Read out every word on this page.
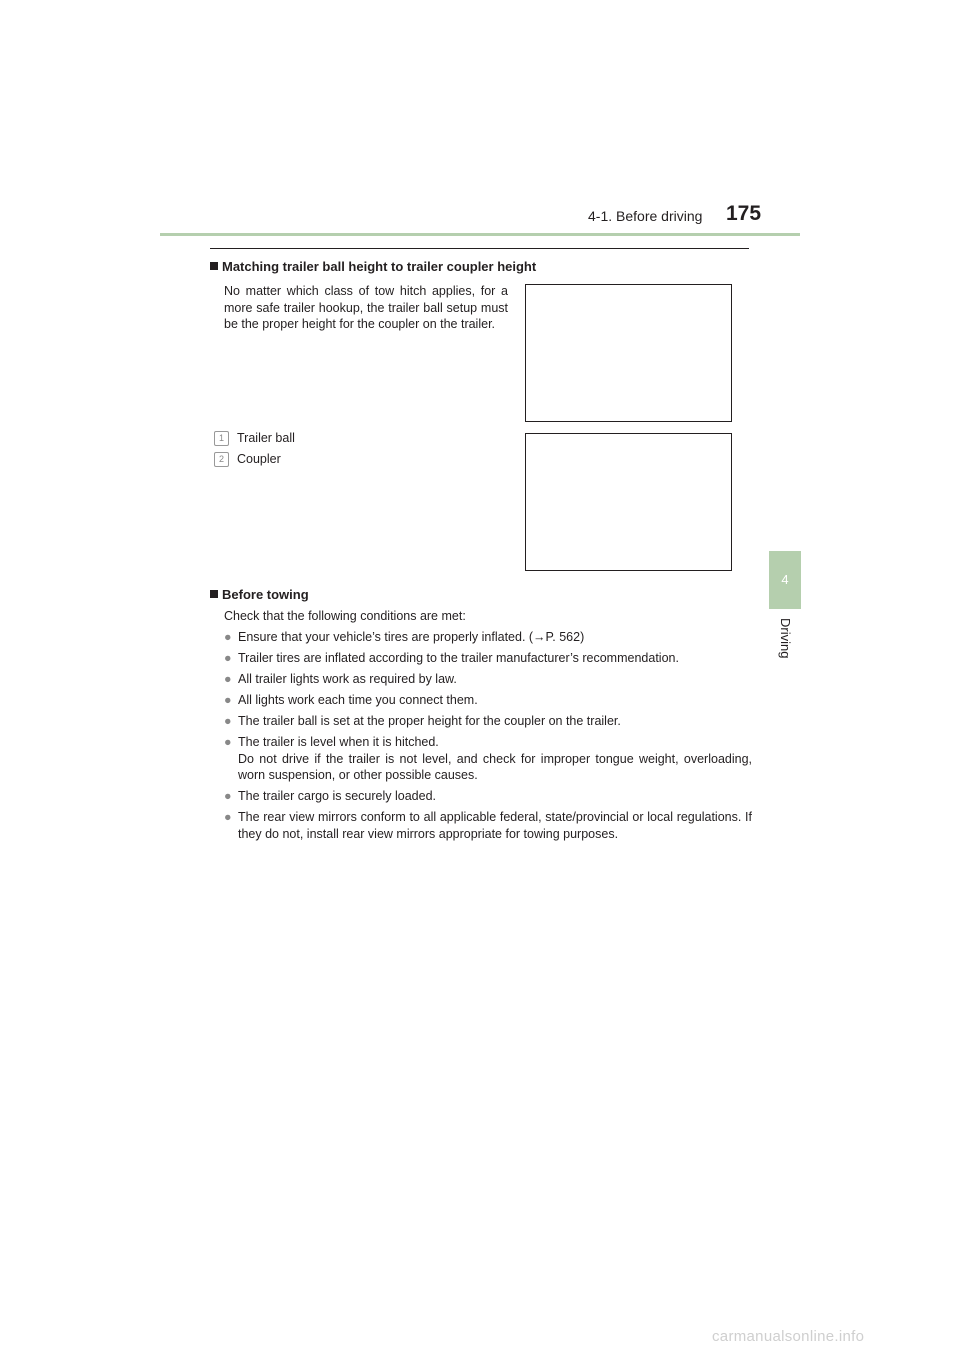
4-1. Before driving 175
4
Driving
Matching trailer ball height to trailer coupler height
No matter which class of tow hitch applies, for a more safe trailer hookup, the trailer ball setup must be the proper height for the coupler on the trailer.
1 Trailer ball
2 Coupler
Before towing
Check that the following conditions are met:
● Ensure that your vehicle’s tires are properly inflated. (→P. 562)
● Trailer tires are inflated according to the trailer manufacturer’s recommendation.
● All trailer lights work as required by law.
● All lights work each time you connect them.
● The trailer ball is set at the proper height for the coupler on the trailer.
● The trailer is level when it is hitched.
Do not drive if the trailer is not level, and check for improper tongue weight, overloading, worn suspension, or other possible causes.
● The trailer cargo is securely loaded.
● The rear view mirrors conform to all applicable federal, state/provincial or local regulations. If they do not, install rear view mirrors appropriate for towing purposes.
carmanualsonline.info
